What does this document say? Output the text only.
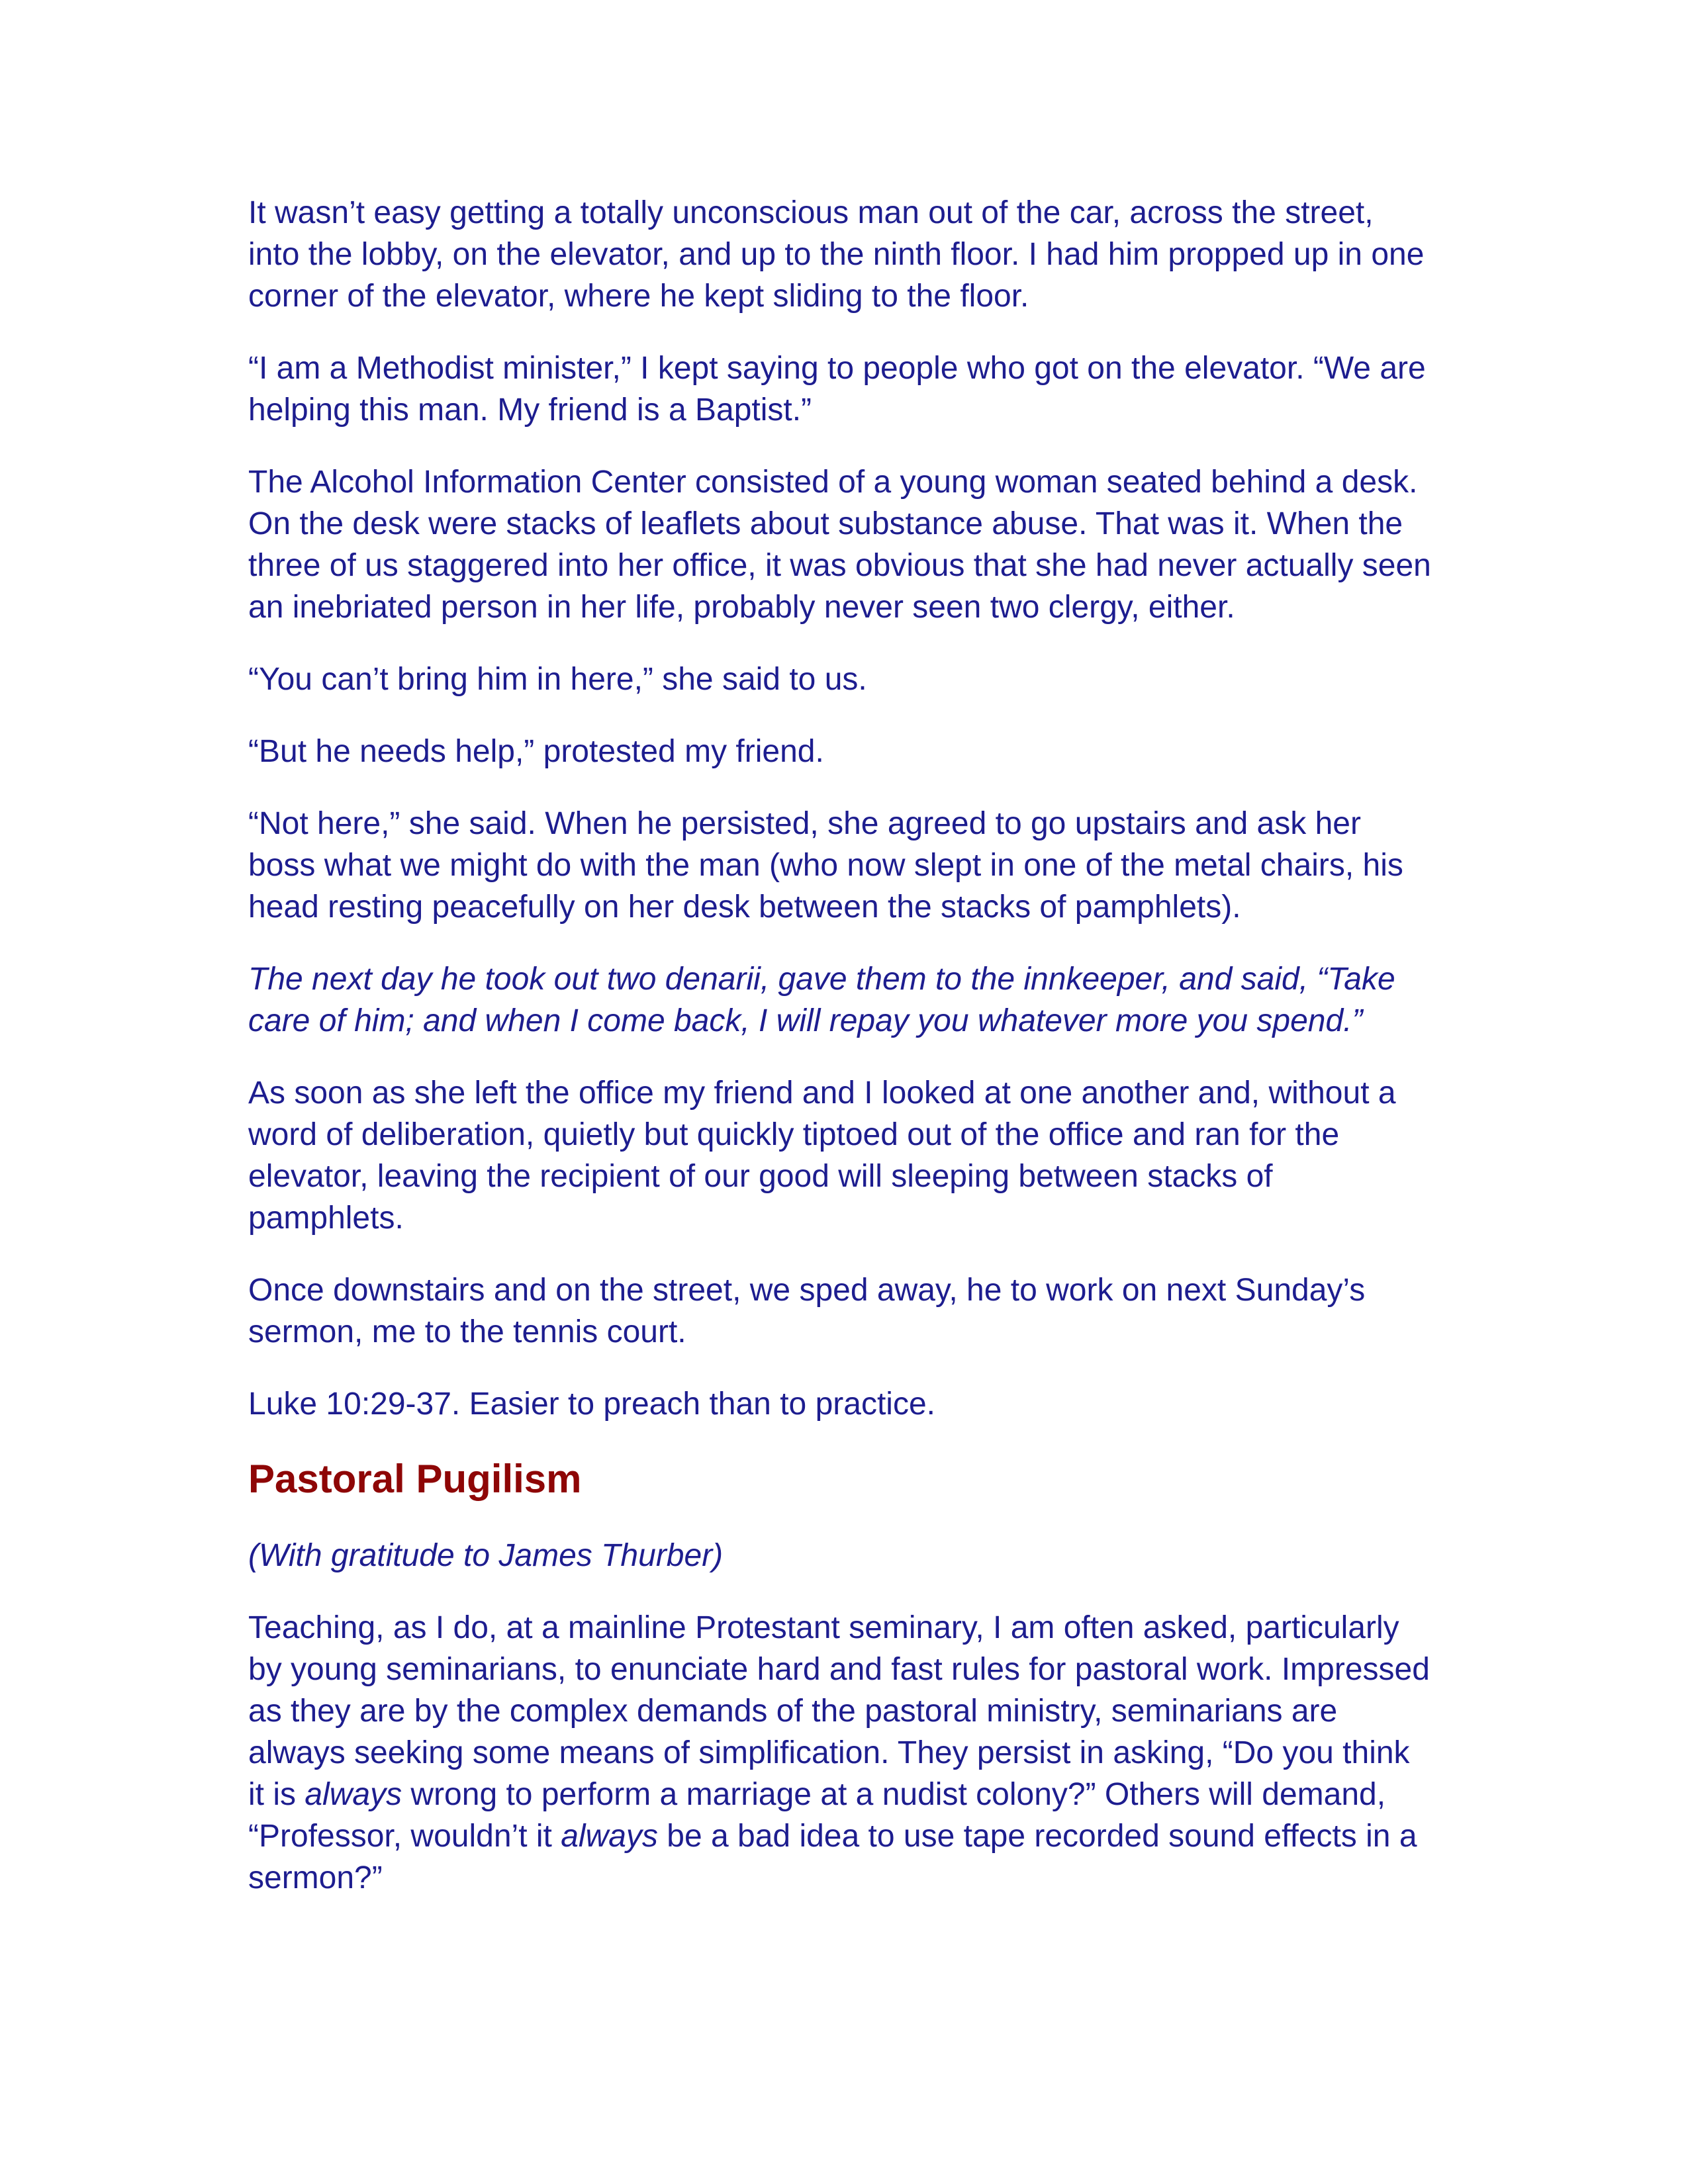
It wasn’t easy getting a totally unconscious man out of the car, across the street, into the lobby, on the elevator, and up to the ninth floor. I had him propped up in one corner of the elevator, where he kept sliding to the floor.

“I am a Methodist minister,” I kept saying to people who got on the elevator. “We are helping this man. My friend is a Baptist.”

The Alcohol Information Center consisted of a young woman seated behind a desk. On the desk were stacks of leaflets about substance abuse. That was it. When the three of us staggered into her office, it was obvious that she had never actually seen an inebriated person in her life, probably never seen two clergy, either.

“You can’t bring him in here,” she said to us.

“But he needs help,” protested my friend.

“Not here,” she said. When he persisted, she agreed to go upstairs and ask her boss what we might do with the man (who now slept in one of the metal chairs, his head resting peacefully on her desk between the stacks of pamphlets).

The next day he took out two denarii, gave them to the innkeeper, and said, “Take care of him; and when I come back, I will repay you whatever more you spend.”

As soon as she left the office my friend and I looked at one another and, without a word of deliberation, quietly but quickly tiptoed out of the office and ran for the elevator, leaving the recipient of our good will sleeping between stacks of pamphlets.

Once downstairs and on the street, we sped away, he to work on next Sunday’s sermon, me to the tennis court.

Luke 10:29-37. Easier to preach than to practice.

Pastoral Pugilism

(With gratitude to James Thurber)

Teaching, as I do, at a mainline Protestant seminary, I am often asked, particularly by young seminarians, to enunciate hard and fast rules for pastoral work. Impressed as they are by the complex demands of the pastoral ministry, seminarians are always seeking some means of simplification. They persist in asking, “Do you think it is always wrong to perform a marriage at a nudist colony?” Others will demand, “Professor, wouldn’t it always be a bad idea to use tape recorded sound effects in a sermon?”
